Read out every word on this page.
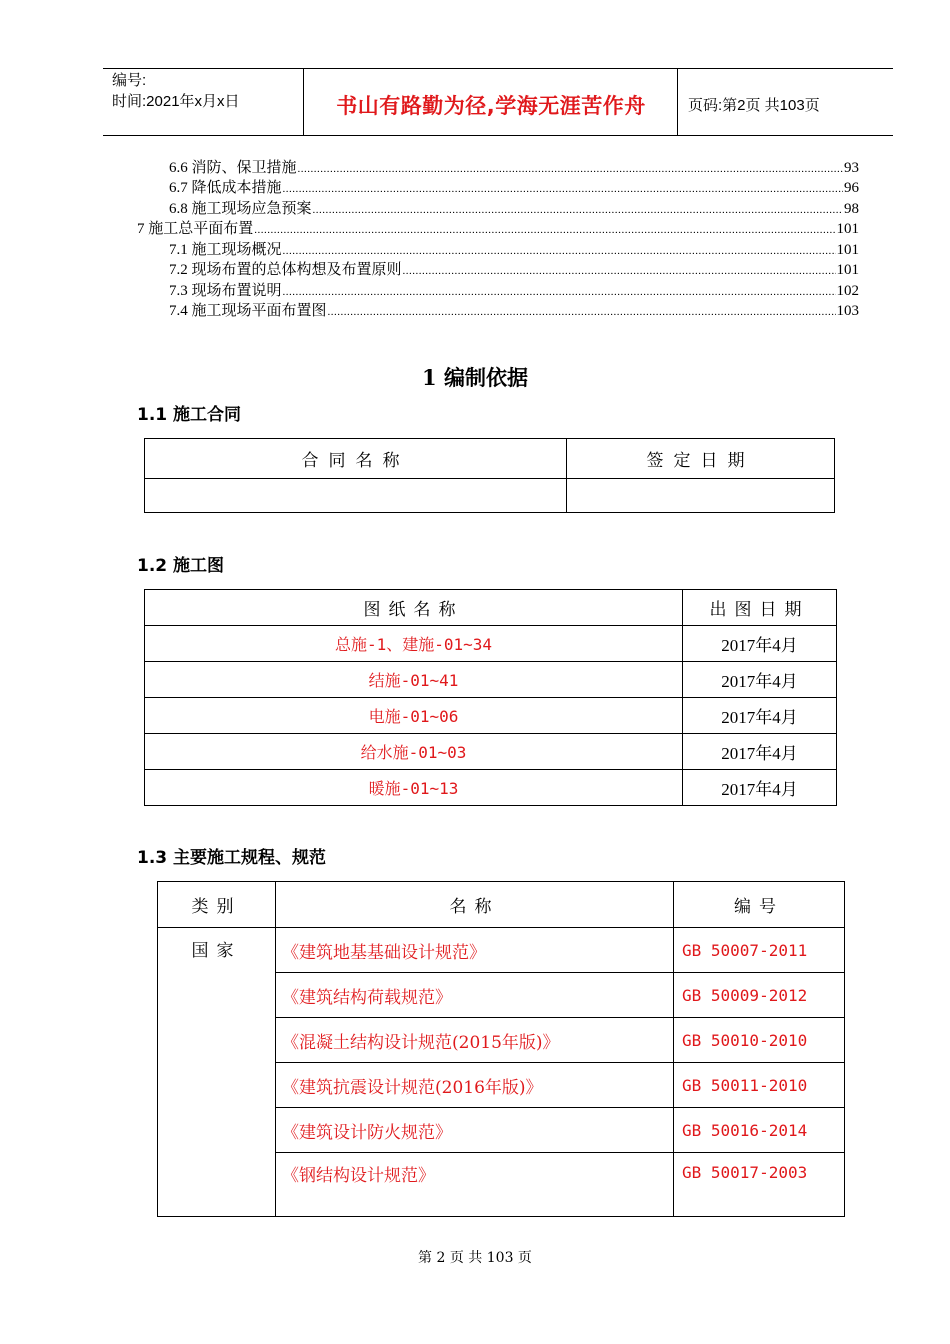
编号:
时间:2021年x月x日	书山有路勤为径,学海无涯苦作舟	页码:第2页 共103页
6.6 消防、保卫措施 .....	93
6.7 降低成本措施 .....	96
6.8 施工现场应急预案 .....	98
7 施工总平面布置 .....	101
7.1 施工现场概况 .....	101
7.2 现场布置的总体构想及布置原则 .....	101
7.3 现场布置说明 .....	102
7.4 施工现场平面布置图 .....	103
1 编制依据
1.1 施工合同
合同名称	签定日期

1.2 施工图
图纸名称	出图日期
总施-1、建施-01~34	2017年4月
结施-01~41	2017年4月
电施-01~06	2017年4月
给水施-01~03	2017年4月
暖施-01~13	2017年4月
1.3 主要施工规程、规范
类别	名称	编号
国家	《建筑地基基础设计规范》	GB 50007-2011
	《建筑结构荷载规范》	GB 50009-2012
	《混凝土结构设计规范(2015年版)》	GB 50010-2010
	《建筑抗震设计规范(2016年版)》	GB 50011-2010
	《建筑设计防火规范》	GB 50016-2014
	《钢结构设计规范》	GB 50017-2003
第 2 页 共 103 页
